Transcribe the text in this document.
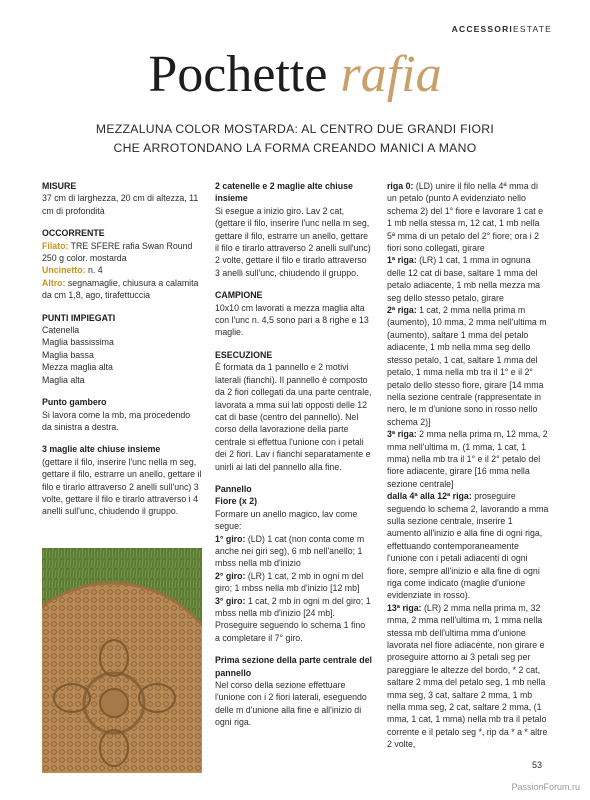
ACCESSORIESTATE
Pochette rafia
MEZZALUNA COLOR MOSTARDA: AL CENTRO DUE GRANDI FIORI
CHE ARROTONDANO LA FORMA CREANDO MANICI A MANO
MISURE
37 cm di larghezza, 20 cm di altezza, 11 cm di profondità
OCCORRENTE
Filato: TRE SFERE rafia Swan Round 250 g color. mostarda
Uncinetto: n. 4
Altro: segnamaglie, chiusura a calamita da cm 1,8, ago, tirafettuccia
PUNTI IMPIEGATI
Catenella
Maglia bassissima
Maglia bassa
Mezza maglia alta
Maglia alta
Punto gambero
Si lavora come la mb, ma procedendo da sinistra a destra.
3 maglie alte chiuse insieme
(gettare il filo, inserire l'unc nella m seg, gettare il filo, estrarre un anello, gettare il filo e tirarlo attraverso 2 anelli sull'unc) 3 volte, gettare il filo e tirarlo attraverso i 4 anelli sull'unc, chiudendo il gruppo.
2 catenelle e 2 maglie alte chiuse insieme
Si esegue a inizio giro. Lav 2 cat, (gettare il filo, inserire l'unc nella m seg, gettare il filo, estrarre un anello, gettare il filo e tirarlo attraverso 2 anelli sull'unc) 2 volte, gettare il filo e tirarlo attraverso 3 anelli sull'unc, chiudendo il gruppo.
CAMPIONE
10x10 cm lavorati a mezza maglia alta con l'unc n. 4,5 sono pari a 8 righe e 13 maglie.
ESECUZIONE
È formata da 1 pannello e 2 motivi laterali (fianchi). Il pannello è composto da 2 fiori collegati da una parte centrale, lavorata a mma sui lati opposti delle 12 cat di base (centro del pannello). Nel corso della lavorazione della parte centrale si effettua l'unione con i petali dei 2 fiori. Lav i fianchi separatamente e unirli ai lati del pannello alla fine.
Pannello
Fiore (x 2)
Formare un anello magico, lav come segue:
1° giro: (LD) 1 cat (non conta come m anche nei giri seg), 6 mb nell'anello; 1 mbss nella mb d'inizio
2° giro: (LR) 1 cat, 2 mb in ogni m del giro; 1 mbss nella mb d'inizio [12 mb]
3° giro: 1 cat, 2 mb in ogni m del giro; 1 mbss nella mb d'inizio [24 mb].
Proseguire seguendo lo schema 1 fino a completare il 7° giro.
Prima sezione della parte centrale del pannello
Nel corso della sezione effettuare l'unione con i 2 fiori laterali, eseguendo delle m d'unione alla fine e all'inizio di ogni riga.
riga 0: (LD) unire il filo nella 4ª mma di un petalo (punto A evidenziato nello schema 2) del 1° fiore e lavorare 1 cat e 1 mb nella stessa m, 12 cat, 1 mb nella 5ª mma di un petalo del 2° fiore; ora i 2 fiori sono collegati, girare
1ª riga: (LR) 1 cat, 1 mma in ognuna delle 12 cat di base, saltare 1 mma del petalo adiacente, 1 mb nella mezza ma seg dello stesso petalo, girare
2ª riga: 1 cat, 2 mma nella prima m (aumento), 10 mma, 2 mma nell'ultima m (aumento), saltare 1 mma del petalo adiacente, 1 mb nella mma seg dello stesso petalo, 1 cat, saltare 1 mma del petalo, 1 mma nella mb tra il 1° e il 2° petalo dello stesso fiore, girare [14 mma nella sezione centrale (rappresentate in nero, le m d'unione sono in rosso nello schema 2)]
3ª riga: 2 mma nella prima m, 12 mma, 2 mma nell'ultima m, (1 mma, 1 cat, 1 mma) nella mb tra il 1° e il 2° petalo del fiore adiacente, girare [16 mma nella sezione centrale]
dalla 4ª alla 12ª riga: proseguire seguendo lo schema 2, lavorando a mma sulla sezione centrale, inserire 1 aumento all'inizio e alla fine di ogni riga, effettuando contemporaneamente l'unione con i petali adiacenti di ogni fiore, sempre all'inizio e alla fine di ogni riga come indicato (maglie d'unione evidenziate in rosso).
13ª riga: (LR) 2 mma nella prima m, 32 mma, 2 mma nell'ultima m, 1 mma nella stessa mb dell'ultima mma d'unione lavorata nel fiore adiacente, non girare e proseguire attorno ai 3 petali seg per pareggiare le altezze del bordo, * 2 cat, saltare 2 mma del petalo seg, 1 mb nella mma seg, 3 cat, saltare 2 mma, 1 mb nella mma seg, 2 cat, saltare 2 mma, (1 mma, 1 cat, 1 mma) nella mb tra il petalo corrente e il petalo seg *, rip da * a * altre 2 volte,
53
PassionForum.ru
